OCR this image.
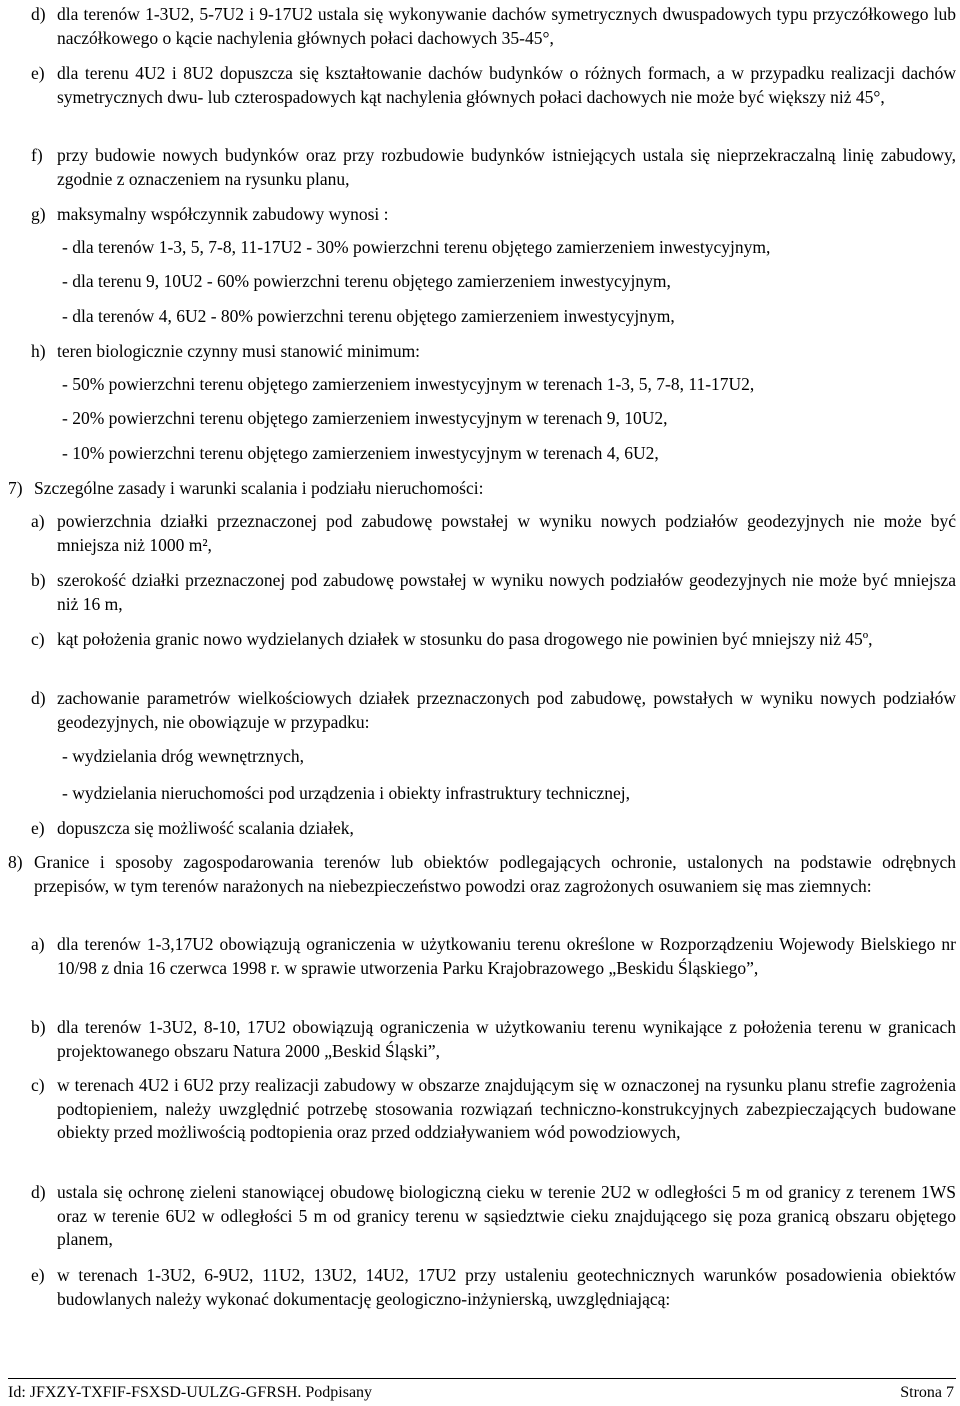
d) dla terenów 1-3U2, 5-7U2 i 9-17U2 ustala się wykonywanie dachów symetrycznych dwuspadowych typu przyczółkowego lub naczółkowego o kącie nachylenia głównych połaci dachowych 35-45°,
e) dla terenu 4U2 i 8U2 dopuszcza się kształtowanie dachów budynków o różnych formach, a w przypadku realizacji dachów symetrycznych dwu- lub czterospadowych kąt nachylenia głównych połaci dachowych nie może być większy niż 45°,
f) przy budowie nowych budynków oraz przy rozbudowie budynków istniejących ustala się nieprzekraczalną linię zabudowy, zgodnie z oznaczeniem na rysunku planu,
g) maksymalny współczynnik zabudowy wynosi :
- dla terenów 1-3, 5, 7-8, 11-17U2 - 30% powierzchni terenu objętego zamierzeniem inwestycyjnym,
- dla terenu 9, 10U2 - 60% powierzchni terenu objętego zamierzeniem inwestycyjnym,
- dla terenów 4, 6U2 - 80% powierzchni terenu objętego zamierzeniem inwestycyjnym,
h) teren biologicznie czynny musi stanowić minimum:
- 50% powierzchni terenu objętego zamierzeniem inwestycyjnym w terenach 1-3, 5, 7-8, 11-17U2,
- 20% powierzchni terenu objętego zamierzeniem inwestycyjnym w terenach 9, 10U2,
- 10% powierzchni terenu objętego zamierzeniem inwestycyjnym w terenach 4, 6U2,
7) Szczególne zasady i warunki scalania i podziału nieruchomości:
a) powierzchnia działki przeznaczonej pod zabudowę powstałej w wyniku nowych podziałów geodezyjnych nie może być mniejsza niż 1000 m²,
b) szerokość działki przeznaczonej pod zabudowę powstałej w wyniku nowych podziałów geodezyjnych nie może być mniejsza niż 16 m,
c) kąt położenia granic nowo wydzielanych działek w stosunku do pasa drogowego nie powinien być mniejszy niż 45º,
d) zachowanie parametrów wielkościowych działek przeznaczonych pod zabudowę, powstałych w wyniku nowych podziałów geodezyjnych, nie obowiązuje w przypadku:
- wydzielania dróg wewnętrznych,
- wydzielania nieruchomości pod urządzenia i obiekty infrastruktury technicznej,
e) dopuszcza się możliwość scalania działek,
8) Granice i sposoby zagospodarowania terenów lub obiektów podlegających ochronie, ustalonych na podstawie odrębnych przepisów, w tym terenów narażonych na niebezpieczeństwo powodzi oraz zagrożonych osuwaniem się mas ziemnych:
a) dla terenów 1-3,17U2 obowiązują ograniczenia w użytkowaniu terenu określone w Rozporządzeniu Wojewody Bielskiego nr 10/98 z dnia 16 czerwca 1998 r. w sprawie utworzenia Parku Krajobrazowego „Beskidu Śląskiego”,
b) dla terenów 1-3U2, 8-10, 17U2 obowiązują ograniczenia w użytkowaniu terenu wynikające z położenia terenu w granicach projektowanego obszaru Natura 2000 „Beskid Śląski”,
c) w terenach 4U2 i 6U2 przy realizacji zabudowy w obszarze znajdującym się w oznaczonej na rysunku planu strefie zagrożenia podtopieniem, należy uwzględnić potrzebę stosowania rozwiązań techniczno-konstrukcyjnych zabezpieczających budowane obiekty przed możliwością podtopienia oraz przed oddziaływaniem wód powodziowych,
d) ustala się ochronę zieleni stanowiącej obudowę biologiczną cieku w terenie 2U2 w odległości 5 m od granicy z terenem 1WS oraz w terenie 6U2 w odległości 5 m od granicy terenu w sąsiedztwie cieku znajdującego się poza granicą obszaru objętego planem,
e) w terenach 1-3U2, 6-9U2, 11U2, 13U2, 14U2, 17U2 przy ustaleniu geotechnicznych warunków posadowienia obiektów budowlanych należy wykonać dokumentację geologiczno-inżynierską, uwzględniającą:
Id: JFXZY-TXFIF-FSXSD-UULZG-GFRSH. Podpisany	Strona 7
